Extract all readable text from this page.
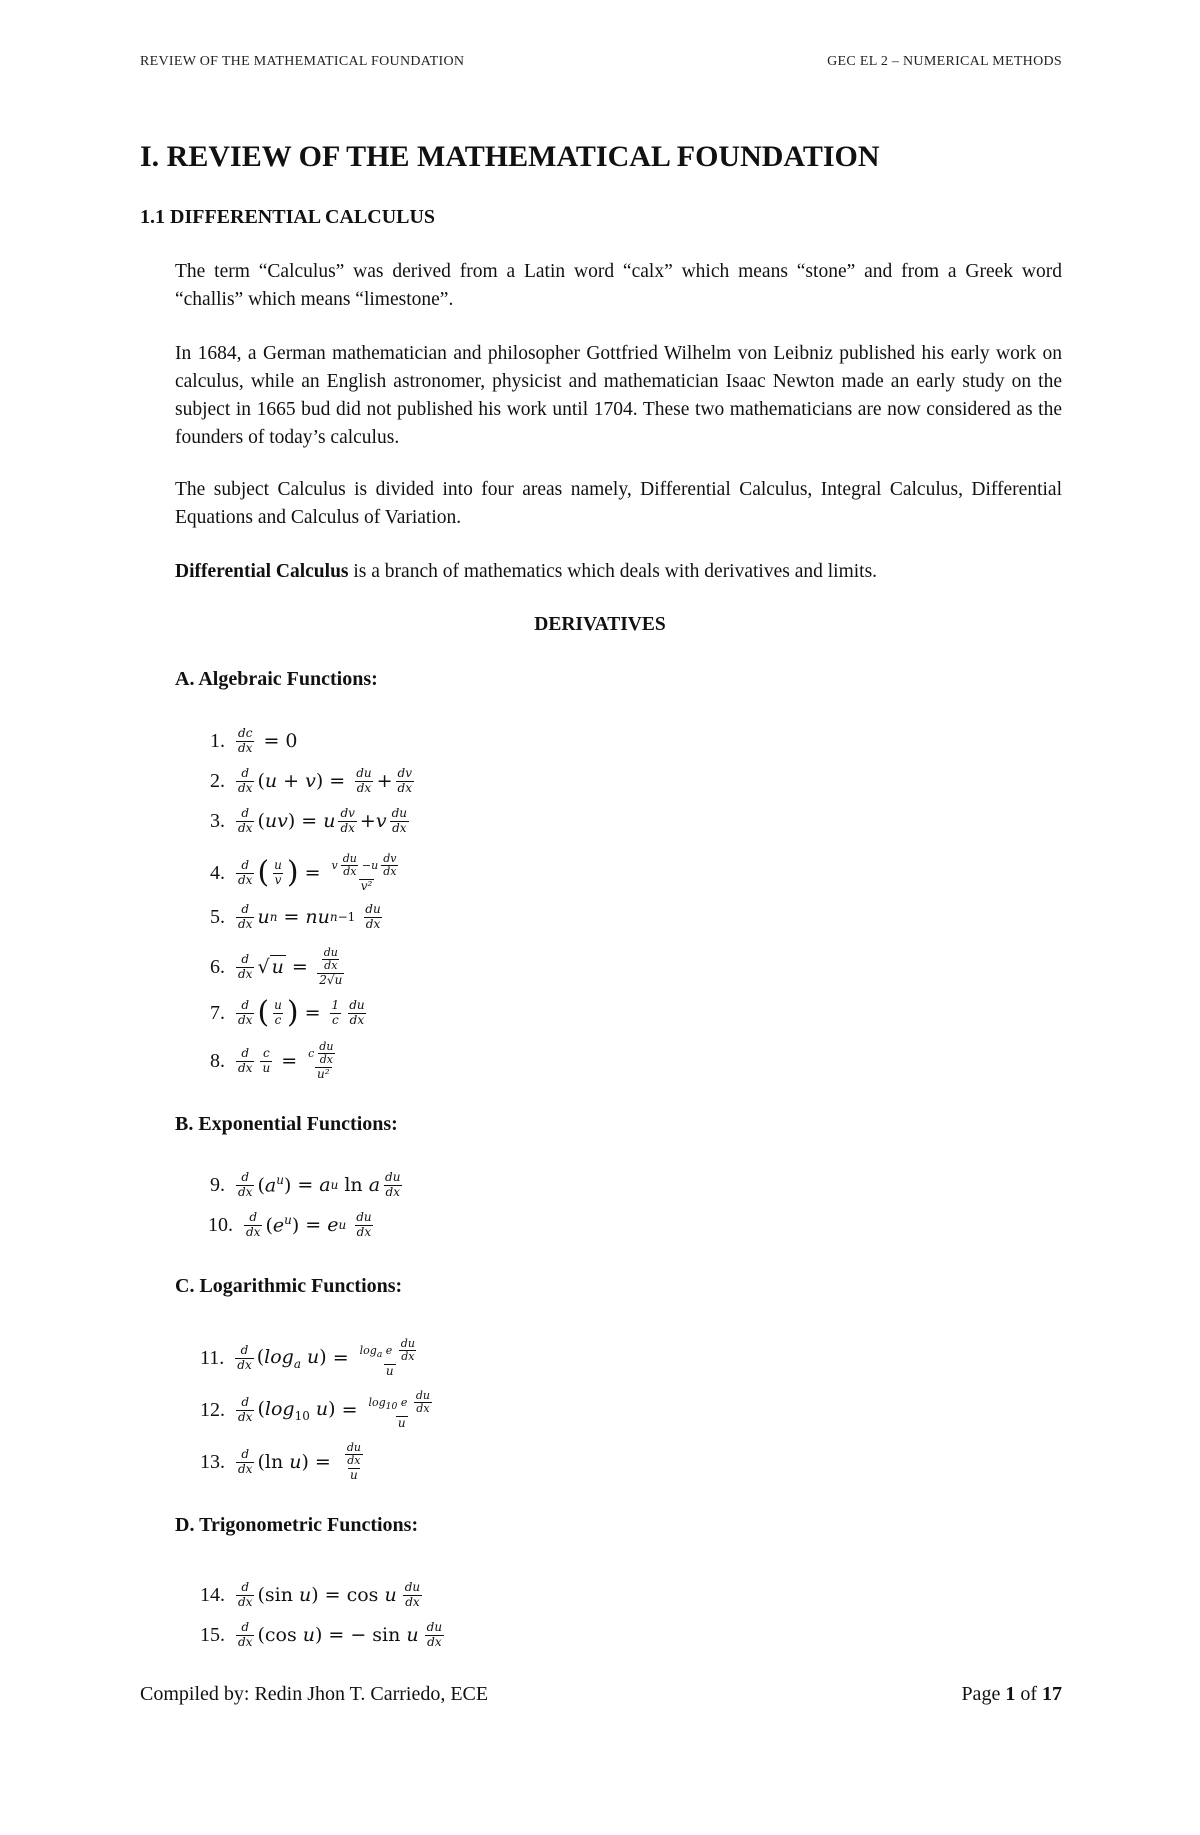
REVIEW OF THE MATHEMATICAL FOUNDATION	GEC EL 2 – NUMERICAL METHODS
I. REVIEW OF THE MATHEMATICAL FOUNDATION
1.1 DIFFERENTIAL CALCULUS

The term “Calculus” was derived from a Latin word “calx” which means “stone” and from a Greek word “challis” which means “limestone”.

In 1684, a German mathematician and philosopher Gottfried Wilhelm von Leibniz published his early work on calculus, while an English astronomer, physicist and mathematician Isaac Newton made an early study on the subject in 1665 bud did not published his work until 1704. These two mathematicians are now considered as the founders of today’s calculus.

The subject Calculus is divided into four areas namely, Differential Calculus, Integral Calculus, Differential Equations and Calculus of Variation.

Differential Calculus is a branch of mathematics which deals with derivatives and limits.

DERIVATIVES
A. Algebraic Functions:
1. $\frac{dc}{dx} = 0$
2. $\frac{d}{dx} (u + v) = \frac{du}{dx} + \frac{dv}{dx}$
3. $\frac{d}{dx} (uv) = u \frac{dv}{dx} + v \frac{du}{dx}$
4. $\frac{d}{dx}$ ( $\frac{u}{v}$ ) = $\frac{v \frac{du}{dx} -u \frac{dv}{dx}}{\text{v²}}$
5. $\frac{d}{dx}$ u n = nu $n-1 \frac{du}{dx}$
6. $\frac{d}{dx}$ √ $u = \frac{\frac{du}{dx}}{2√u}$
7. $\frac{d}{dx}$ ( $\frac{u}{c}$ ) = $\frac{1}{c} \frac{du}{dx}$
8. $\frac{d}{dx} \frac{c}{u} = \frac{c \frac{du}{dx}}{\text{u²}}$
B. Exponential Functions:
9. $\frac{d}{dx} (a^u) = a$ u ln a $\frac{du}{dx}$
10. $\frac{d}{dx} (e^u) = e$ u $\frac{du}{dx}$
C. Logarithmic Functions:
11. $\frac{d}{dx} (\log_a$ $u) = \frac{\log_a e \frac{du}{dx}}{u}$
12. $\frac{d}{dx} (\log_{10}$ $u) = \frac{\log_{10} e \frac{du}{dx}}{u}$
13. $\frac{d}{dx} (\ln$ $u) = \frac{\frac{du}{dx}}{u}$
D. Trigonometric Functions:
14. $\frac{d}{dx} (\sin$ u) = cos u $\frac{du}{dx}$
15. $\frac{d}{dx} (\cos$ u) = − sin u $\frac{du}{dx}$
Compiled by: Redin Jhon T. Carriedo, ECE	Page 1 of 17
